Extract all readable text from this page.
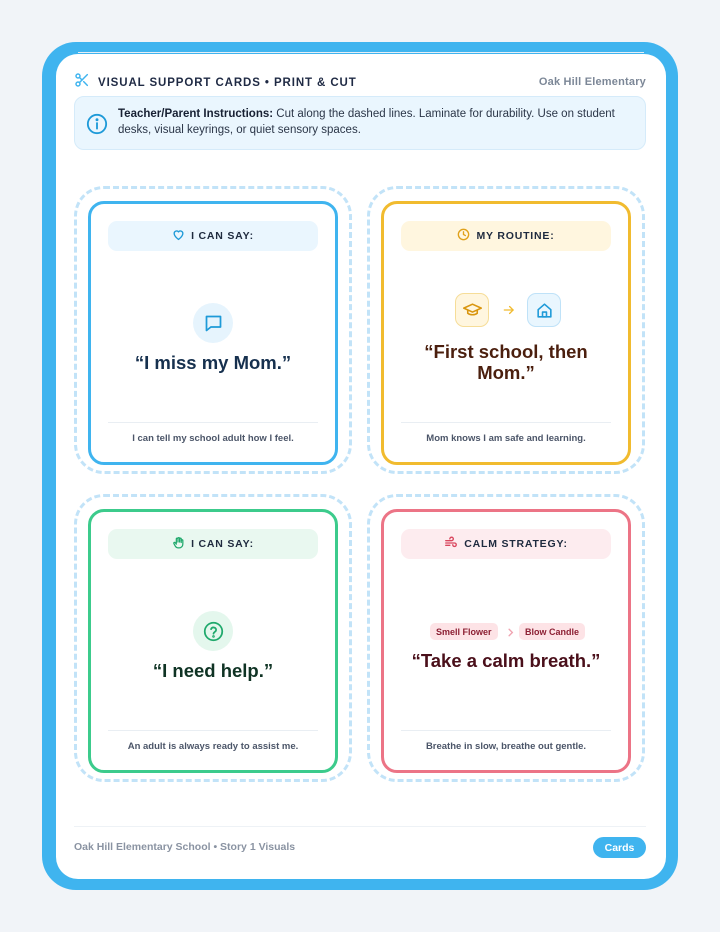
VISUAL SUPPORT CARDS • PRINT & CUT	Oak Hill Elementary
Teacher/Parent Instructions: Cut along the dashed lines. Laminate for durability. Use on student desks, visual keyrings, or quiet sensory spaces.
I CAN SAY:
“I miss my Mom.”
I can tell my school adult how I feel.
MY ROUTINE:
“First school, then Mom.”
Mom knows I am safe and learning.
I CAN SAY:
“I need help.”
An adult is always ready to assist me.
CALM STRATEGY:
Smell Flower	Blow Candle
“Take a calm breath.”
Breathe in slow, breathe out gentle.
Oak Hill Elementary School • Story 1 Visuals	Cards
